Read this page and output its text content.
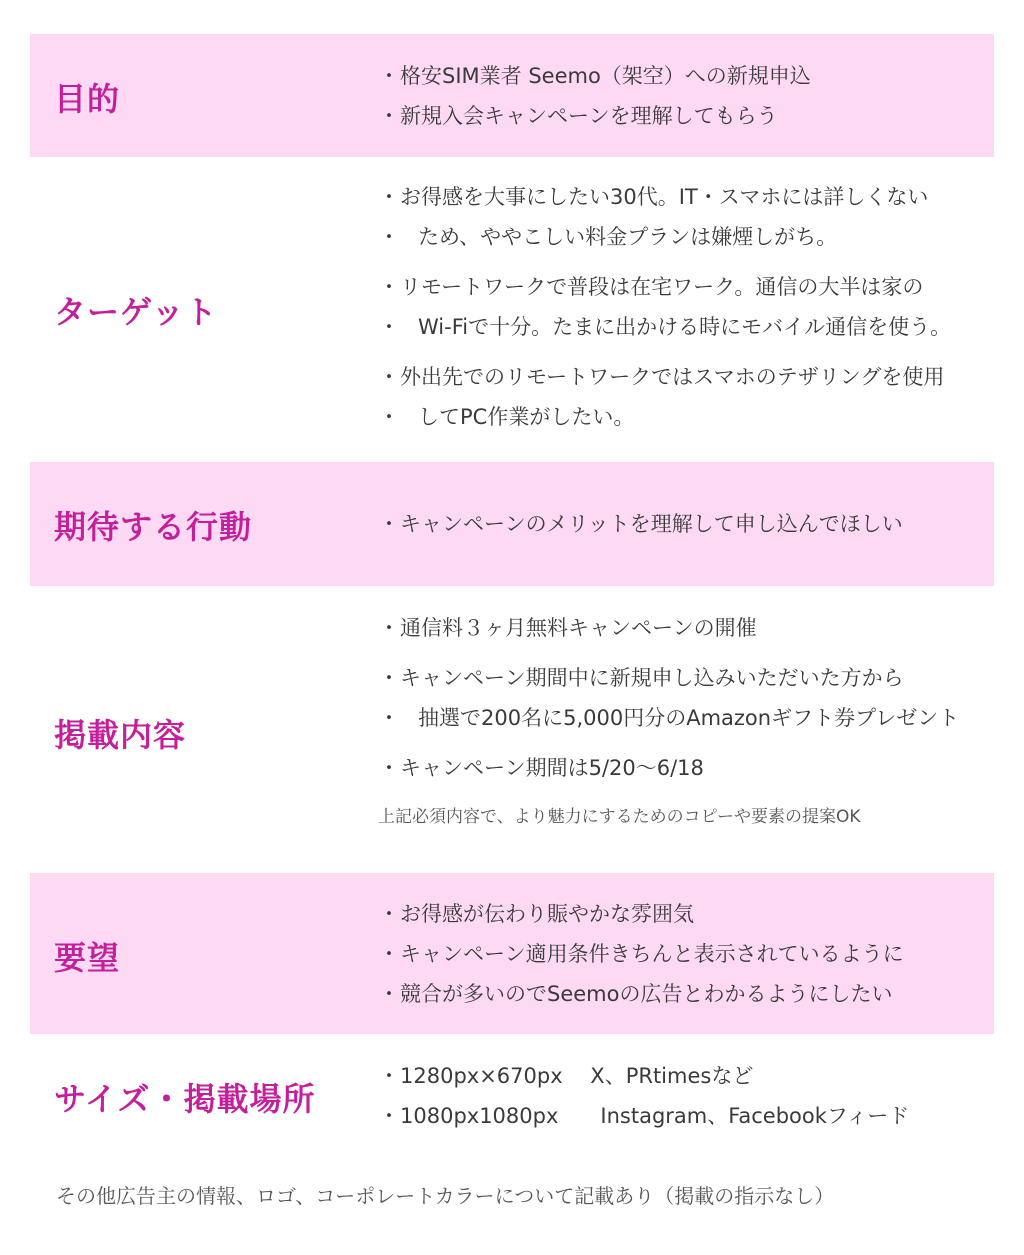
目的
・ 格安SIM業者 Seemo（架空）への新規申込
・ 新規入会キャンペーンを理解してもらう
ターゲット
・ お得感を大事にしたい30代。IT・スマホには詳しくない
・ ため、ややこしい料金プランは嫌煙しがち。
・ リモートワークで普段は在宅ワーク。通信の大半は家の
・ Wi-Fiで十分。たまに出かける時にモバイル通信を使う。
・ 外出先でのリモートワークではスマホのテザリングを使用
・ してPC作業がしたい。
期待する行動
・	キャンペーンのメリットを理解して申し込んでほしい
掲載内容
・ 通信料３ヶ月無料キャンペーンの開催
・ キャンペーン期間中に新規申し込みいただいた方から
・ 抽選で200名に5,000円分のAmazonギフト券プレゼント
・ キャンペーン期間は5/20〜6/18
上記必須内容で、より魅力にするためのコピーや要素の提案OK
要望
・ お得感が伝わり賑やかな雰囲気
・ キャンペーン適用条件きちんと表示されているように
・ 競合が多いのでSeemoの広告とわかるようにしたい
サイズ・掲載場所
・ 1280px×670px　 X、PRtimesなど
・ 1080px1080px　　Instagram、Facebookフィード
その他広告主の情報、ロゴ、コーポレートカラーについて記載あり（掲載の指示なし）
